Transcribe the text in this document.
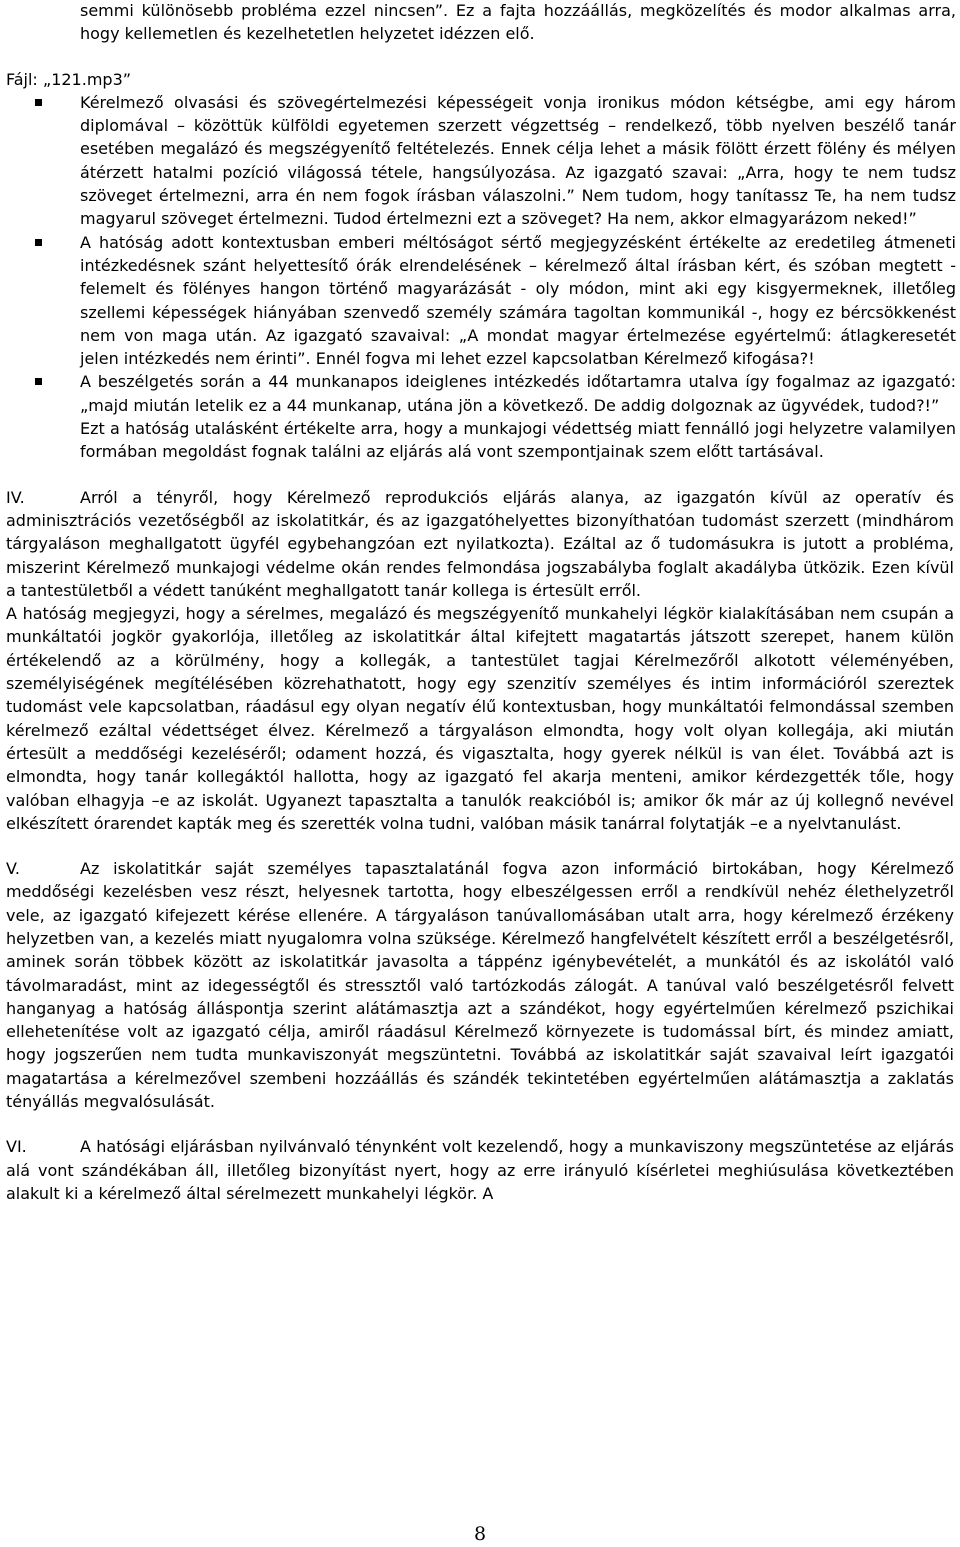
semmi különösebb probléma ezzel nincsen”. Ez a fajta hozzáállás, megközelítés és modor alkalmas arra, hogy kellemetlen és kezelhetetlen helyzetet idézzen elő.

Fájl: „121.mp3”

Kérelmező olvasási és szövegértelmezési képességeit vonja ironikus módon kétségbe, ami egy három diplomával – közöttük külföldi egyetemen szerzett végzettség – rendelkező, több nyelven beszélő tanár esetében megalázó és megszégyenítő feltételezés. Ennek célja lehet a másik fölött érzett fölény és mélyen átérzett hatalmi pozíció világossá tétele, hangsúlyozása. Az igazgató szavai: „Arra, hogy te nem tudsz szöveget értelmezni, arra én nem fogok írásban válaszolni.” Nem tudom, hogy tanítassz Te, ha nem tudsz magyarul szöveget értelmezni. Tudod értelmezni ezt a szöveget? Ha nem, akkor elmagyarázom neked!”
A hatóság adott kontextusban emberi méltóságot sértő megjegyzésként értékelte az eredetileg átmeneti intézkedésnek szánt helyettesítő órák elrendelésének – kérelmező által írásban kért, és szóban megtett - felemelt és fölényes hangon történő magyarázását - oly módon, mint aki egy kisgyermeknek, illetőleg szellemi képességek hiányában szenvedő személy számára tagoltan kommunikál -, hogy ez bércsökkenést nem von maga után. Az igazgató szavaival: „A mondat magyar értelmezése egyértelmű: átlagkeresetét jelen intézkedés nem érinti”. Ennél fogva mi lehet ezzel kapcsolatban Kérelmező kifogása?!
A beszélgetés során a 44 munkanapos ideiglenes intézkedés időtartamra utalva így fogalmaz az igazgató: „majd miután letelik ez a 44 munkanap, utána jön a következő. De addig dolgoznak az ügyvédek, tudod?!”

Ezt a hatóság utalásként értékelte arra, hogy a munkajogi védettség miatt fennálló jogi helyzetre valamilyen formában megoldást fognak találni az eljárás alá vont szempontjainak szem előtt tartásával.

IV.	Arról a tényről, hogy Kérelmező reprodukciós eljárás alanya, az igazgatón kívül az operatív és adminisztrációs vezetőségből az iskolatitkár, és az igazgatóhelyettes bizonyíthatóan tudomást szerzett (mindhárom tárgyaláson meghallgatott ügyfél egybehangzóan ezt nyilatkozta). Ezáltal az ő tudomásukra is jutott a probléma, miszerint Kérelmező munkajogi védelme okán rendes felmondása jogszabályba foglalt akadályba ütközik. Ezen kívül a tantestületből a védett tanúként meghallgatott tanár kollega is értesült erről.

A hatóság megjegyzi, hogy a sérelmes, megalázó és megszégyenítő munkahelyi légkör kialakításában nem csupán a munkáltatói jogkör gyakorlója, illetőleg az iskolatitkár által kifejtett magatartás játszott szerepet, hanem külön értékelendő az a körülmény, hogy a kollegák, a tantestület tagjai Kérelmezőről alkotott véleményében, személyiségének megítélésében közrehathatott, hogy egy szenzitív személyes és intim információról szereztek tudomást vele kapcsolatban, ráadásul egy olyan negatív élű kontextusban, hogy munkáltatói felmondással szemben kérelmező ezáltal védettséget élvez. Kérelmező a tárgyaláson elmondta, hogy volt olyan kollegája, aki miután értesült a meddőségi kezeléséről; odament hozzá, és vigasztalta, hogy gyerek nélkül is van élet. Továbbá azt is elmondta, hogy tanár kollegáktól hallotta, hogy az igazgató fel akarja menteni, amikor kérdezgették tőle, hogy valóban elhagyja –e az iskolát. Ugyanezt tapasztalta a tanulók reakcióból is; amikor ők már az új kollegnő nevével elkészített órarendet kapták meg és szerették volna tudni, valóban másik tanárral folytatják –e a nyelvtanulást.

V.	Az iskolatitkár saját személyes tapasztalatánál fogva azon információ birtokában, hogy Kérelmező meddőségi kezelésben vesz részt, helyesnek tartotta, hogy elbeszélgessen erről a rendkívül nehéz élethelyzetről vele, az igazgató kifejezett kérése ellenére. A tárgyaláson tanúvallomásában utalt arra, hogy kérelmező érzékeny helyzetben van, a kezelés miatt nyugalomra volna szüksége. Kérelmező hangfelvételt készített erről a beszélgetésről, aminek során többek között az iskolatitkár javasolta a táppénz igénybevételét, a munkától és az iskolától való távolmaradást, mint az idegességtől és stressztől való tartózkodás zálogát. A tanúval való beszélgetésről felvett hanganyag a hatóság álláspontja szerint alátámasztja azt a szándékot, hogy egyértelműen kérelmező pszichikai ellehetenítése volt az igazgató célja, amiről ráadásul Kérelmező környezete is tudomással bírt, és mindez amiatt, hogy jogszerűen nem tudta munkaviszonyát megszüntetni. Továbbá az iskolatitkár saját szavaival leírt igazgatói magatartása a kérelmezővel szembeni hozzáállás és szándék tekintetében egyértelműen alátámasztja a zaklatás tényállás megvalósulását.

VI.	A hatósági eljárásban nyilvánvaló ténynként volt kezelendő, hogy a munkaviszony megszüntetése az eljárás alá vont szándékában áll, illetőleg bizonyítást nyert, hogy az erre irányuló kísérletei meghiúsulása következtében alakult ki a kérelmező által sérelmezett munkahelyi légkör. A

8
